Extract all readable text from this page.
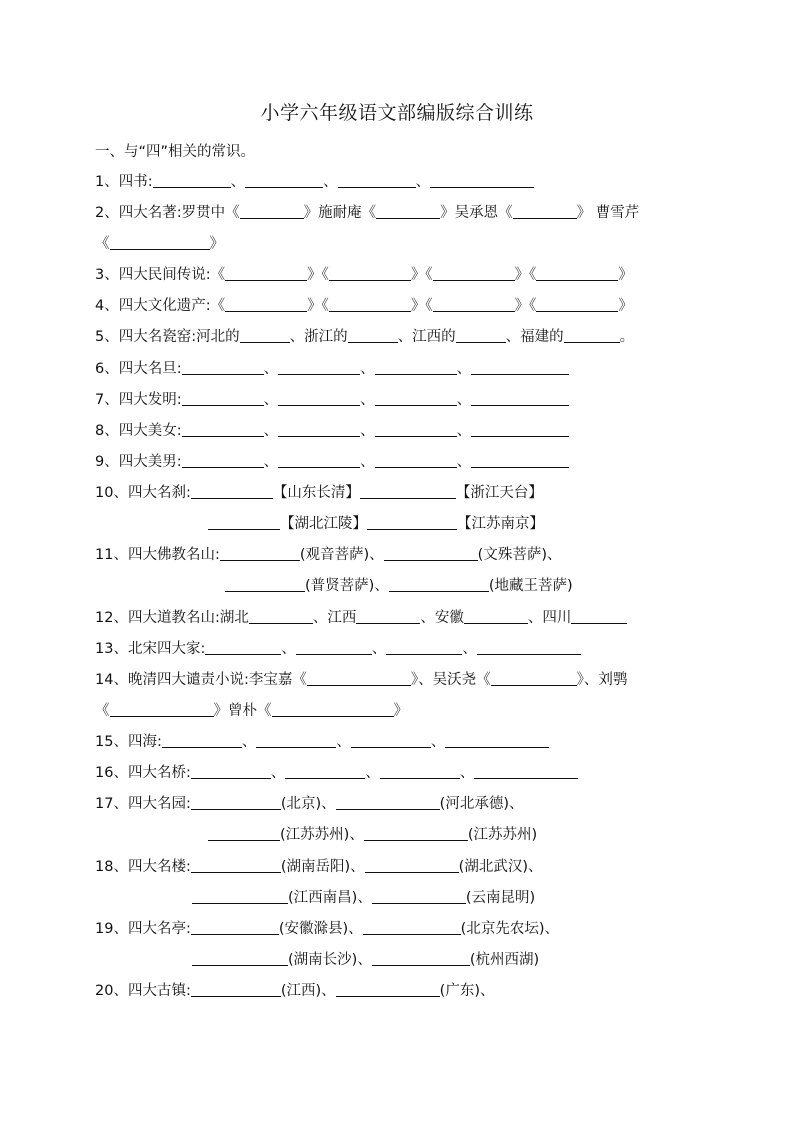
小学六年级语文部编版综合训练
一、与“四”相关的常识。
1、四书:	、	、	、
2、四大名著:罗贯中《	》施耐庵《	》吴承恩《	》 曹雪芹
《	》
3、四大民间传说:《	》《	》《	》《	》
4、四大文化遗产:《	》《	》《	》《	》
5、四大名瓷窑:河北的	、浙江的	、江西的	、福建的	。
6、四大名旦:	、	、	、
7、四大发明:	、	、	、
8、四大美女:	、	、	、
9、四大美男:	、	、	、
10、四大名刹:	【山东长清】	【浙江天台】
【湖北江陵】	【江苏南京】
11、四大佛教名山:	(观音菩萨)、	(文殊菩萨)、
(普贤菩萨)、	(地藏王菩萨)
12、四大道教名山:湖北	、江西	、安徽	、四川
13、北宋四大家:	、	、	、
14、晚清四大谴责小说:李宝嘉《	》、吴沃尧《	》、刘鹗
《	》曾朴《	》
15、四海:	、	、	、
16、四大名桥:	、	、	、
17、四大名园:	(北京)、	(河北承德)、
(江苏苏州)、	(江苏苏州)
18、四大名楼:	(湖南岳阳)、	(湖北武汉)、
(江西南昌)、	(云南昆明)
19、四大名亭:	(安徽滁县)、	(北京先农坛)、
(湖南长沙)、	(杭州西湖)
20、四大古镇:	(江西)、	(广东)、
